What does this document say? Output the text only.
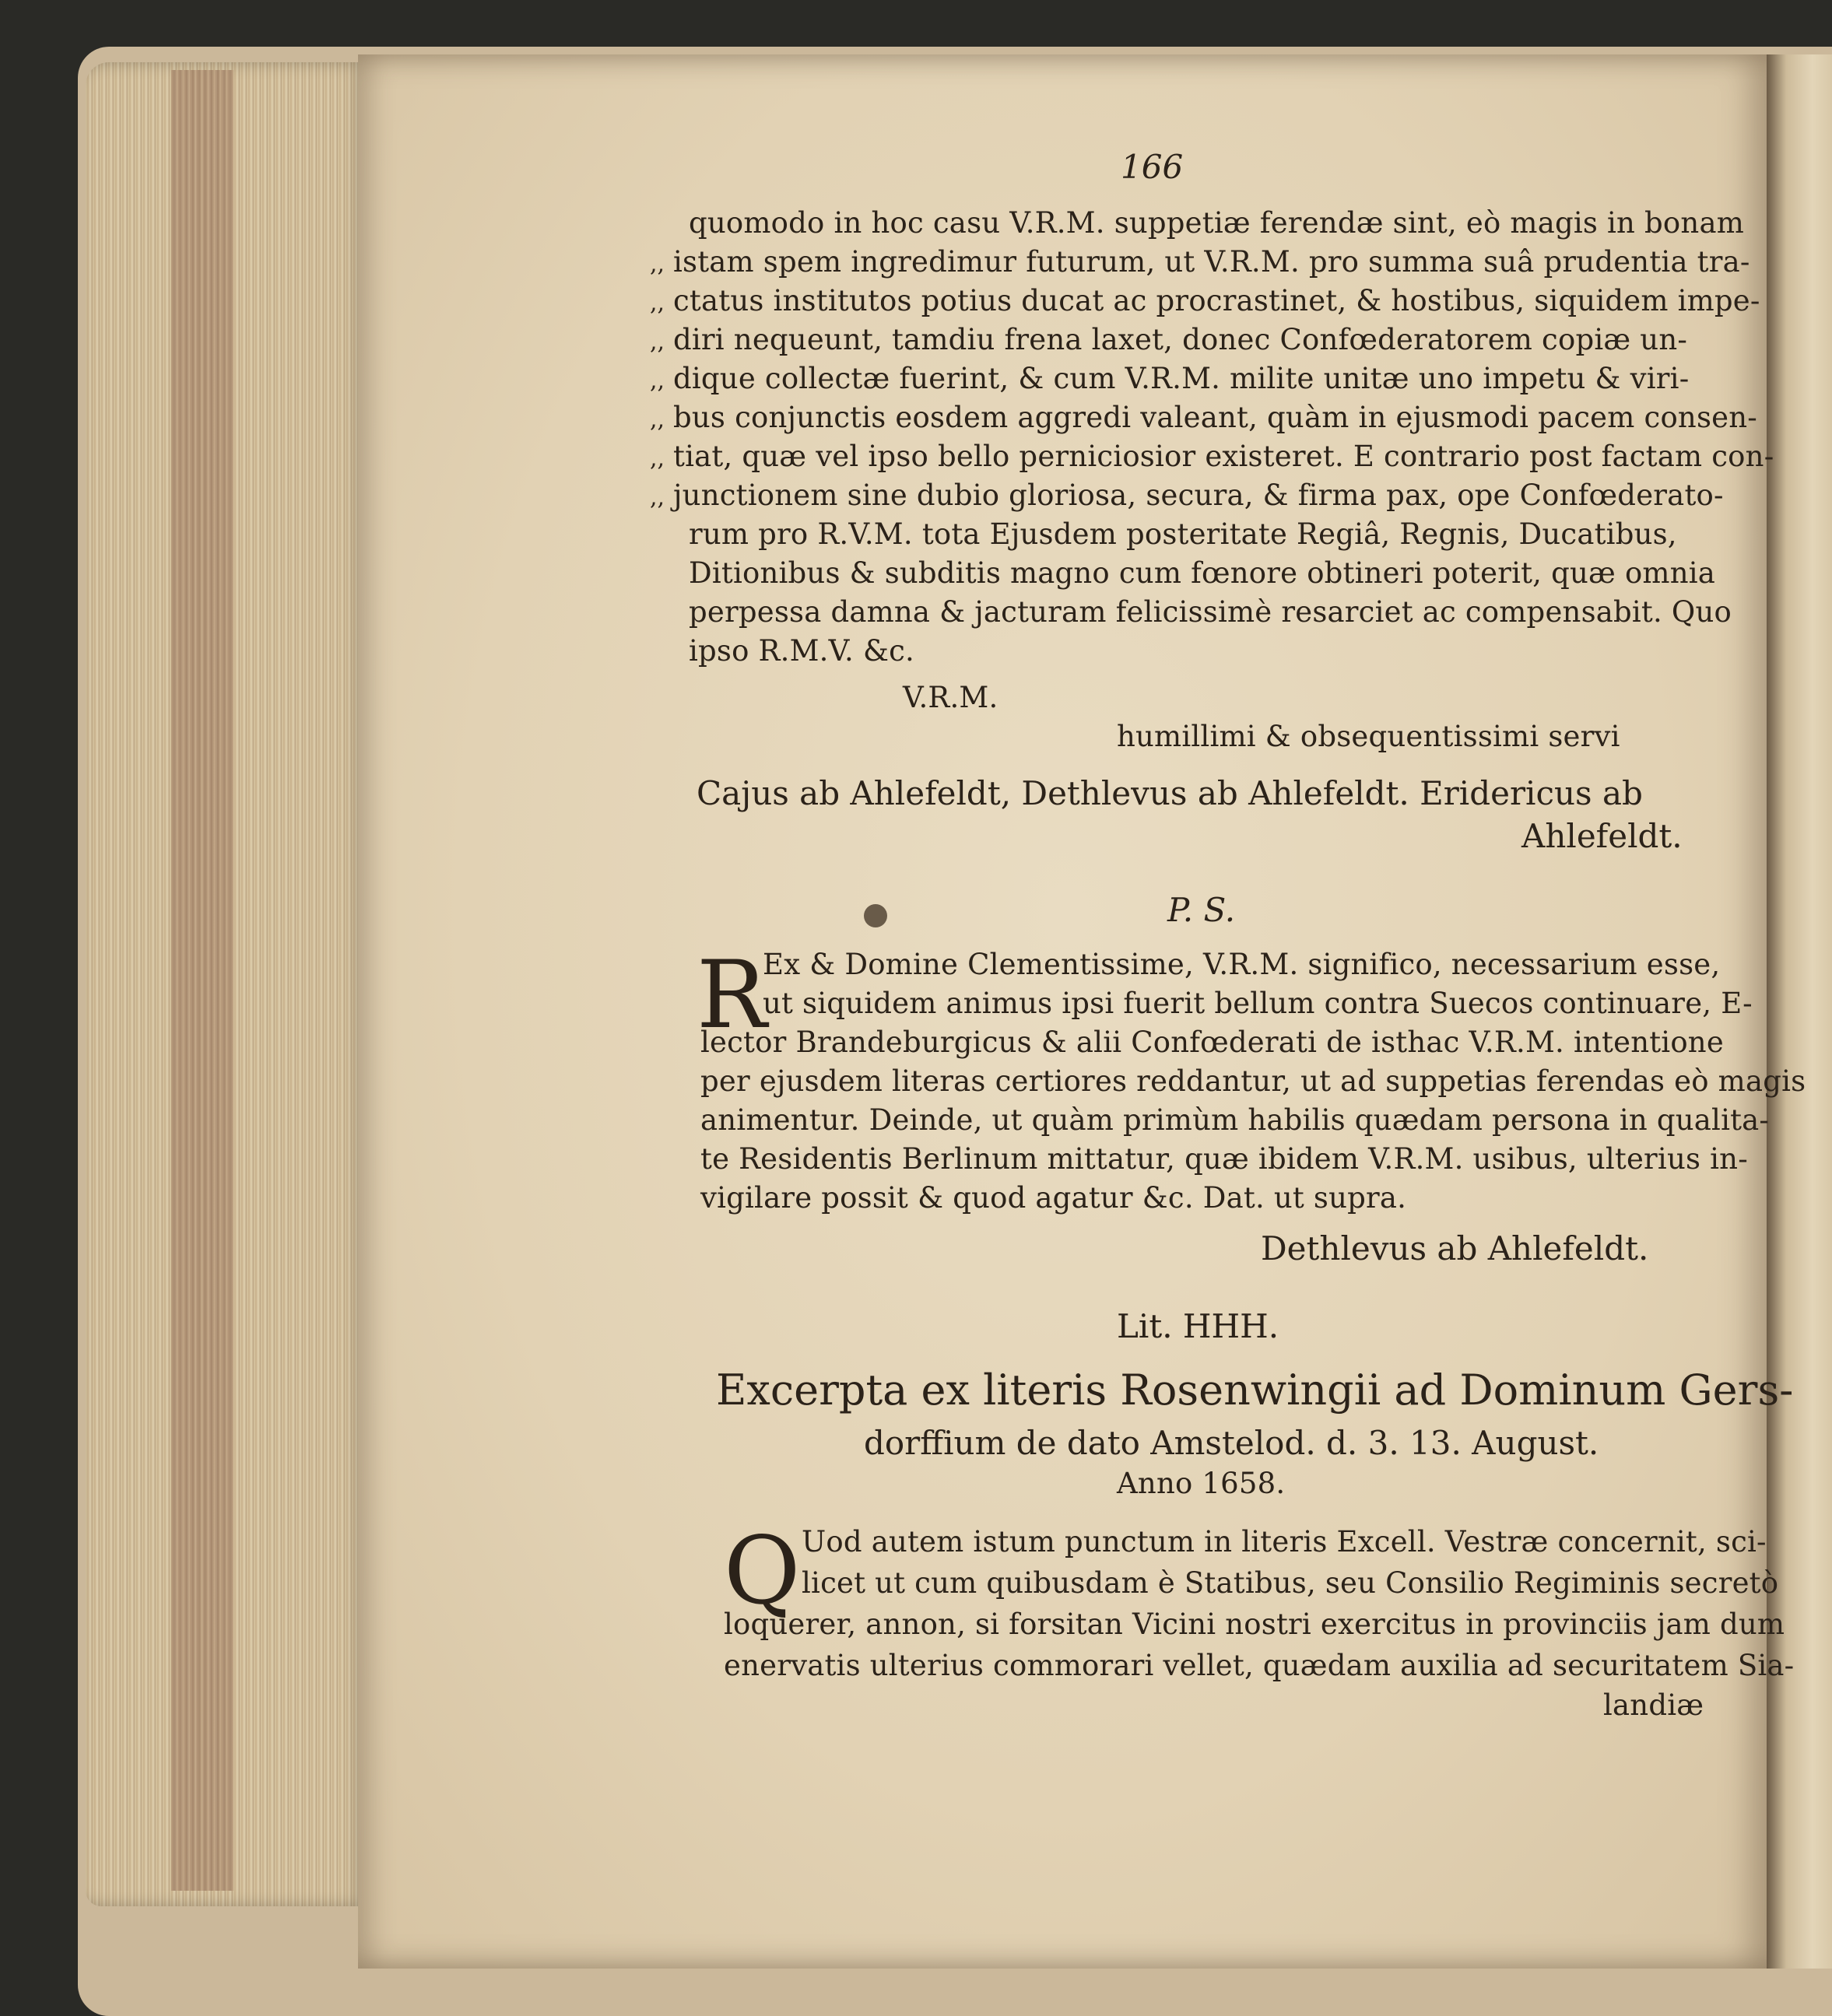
166
quomodo in hoc casu V.R.M. suppetiæ ferendæ sint, eò magis in bonam
,, istam spem ingredimur futurum, ut V.R.M. pro summa suâ prudentia tra-
,, ctatus institutos potius ducat ac procrastinet, & hostibus, siquidem impe-
,, diri nequeunt, tamdiu frena laxet, donec Confœderatorem copiæ un-
,, dique collectæ fuerint, & cum V.R.M. milite unitæ uno impetu & viri-
,, bus conjunctis eosdem aggredi valeant, quàm in ejusmodi pacem consen-
,, tiat, quæ vel ipso bello perniciosior existeret. E contrario post factam con-
,, junctionem sine dubio gloriosa, secura, & firma pax, ope Confœderato-
rum pro R.V.M. tota Ejusdem posteritate Regiâ, Regnis, Ducatibus,
Ditionibus & subditis magno cum fœnore obtineri poterit, quæ omnia
perpessa damna & jacturam felicissimè resarciet ac compensabit. Quo
ipso R.M.V. &c.
V.R.M.
humillimi & obsequentissimi servi
Cajus ab Ahlefeldt, Dethlevus ab Ahlefeldt. Eridericus ab
Ahlefeldt.
P. S.
R
Ex & Domine Clementissime, V.R.M. significo, necessarium esse,
ut siquidem animus ipsi fuerit bellum contra Suecos continuare, E-
lector Brandeburgicus & alii Confœderati de isthac V.R.M. intentione
per ejusdem literas certiores reddantur, ut ad suppetias ferendas eò magis
animentur. Deinde, ut quàm primùm habilis quædam persona in qualita-
te Residentis Berlinum mittatur, quæ ibidem V.R.M. usibus, ulterius in-
vigilare possit & quod agatur &c. Dat. ut supra.
Dethlevus ab Ahlefeldt.
Lit. HHH.
Excerpta ex literis Rosenwingii ad Dominum Gers-
dorffium de dato Amstelod. d. 3. 13. August.
Anno 1658.
Q Uod autem istum punctum in literis Excell. Vestræ concernit, sci-
licet ut cum quibusdam è Statibus, seu Consilio Regiminis secretò
loquerer, annon, si forsitan Vicini nostri exercitus in provinciis jam dum
enervatis ulterius commorari vellet, quædam auxilia ad securitatem Sia-
landiæ
